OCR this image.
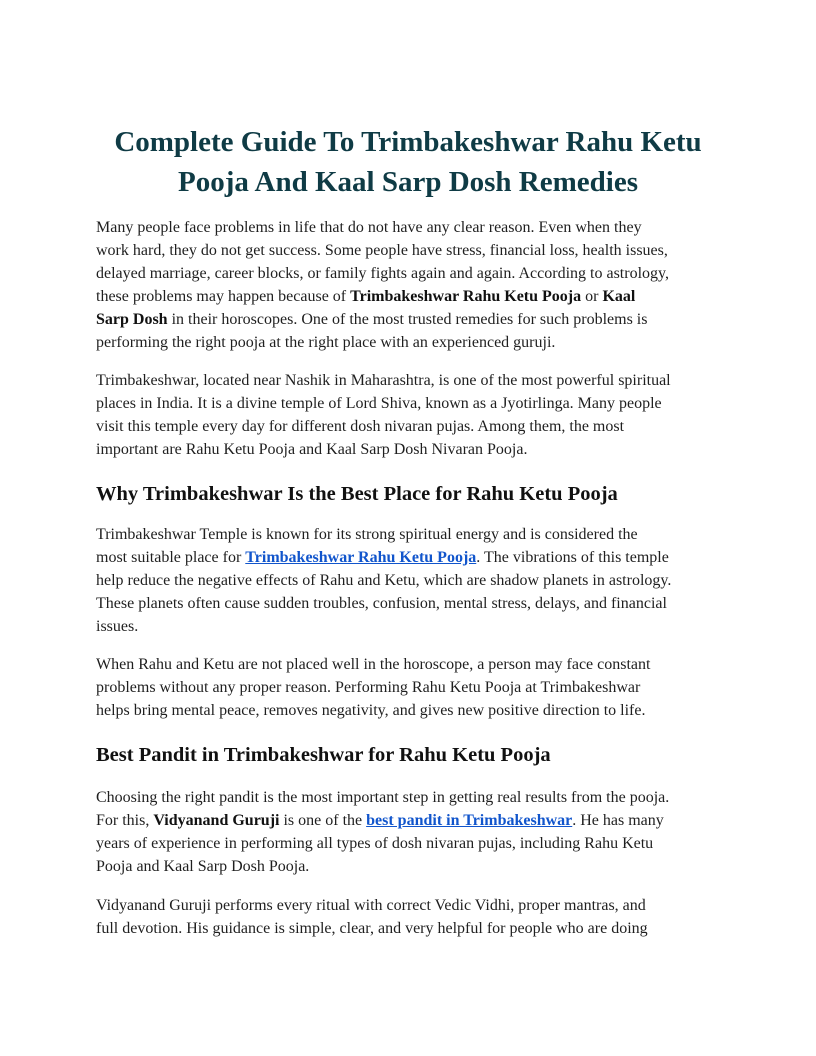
Complete Guide To Trimbakeshwar Rahu Ketu
Pooja And Kaal Sarp Dosh Remedies

Many people face problems in life that do not have any clear reason. Even when they
work hard, they do not get success. Some people have stress, financial loss, health issues,
delayed marriage, career blocks, or family fights again and again. According to astrology,
these problems may happen because of Trimbakeshwar Rahu Ketu Pooja or Kaal
Sarp Dosh in their horoscopes. One of the most trusted remedies for such problems is
performing the right pooja at the right place with an experienced guruji.

Trimbakeshwar, located near Nashik in Maharashtra, is one of the most powerful spiritual
places in India. It is a divine temple of Lord Shiva, known as a Jyotirlinga. Many people
visit this temple every day for different dosh nivaran pujas. Among them, the most
important are Rahu Ketu Pooja and Kaal Sarp Dosh Nivaran Pooja.

Why Trimbakeshwar Is the Best Place for Rahu Ketu Pooja

Trimbakeshwar Temple is known for its strong spiritual energy and is considered the
most suitable place for Trimbakeshwar Rahu Ketu Pooja. The vibrations of this temple
help reduce the negative effects of Rahu and Ketu, which are shadow planets in astrology.
These planets often cause sudden troubles, confusion, mental stress, delays, and financial
issues.

When Rahu and Ketu are not placed well in the horoscope, a person may face constant
problems without any proper reason. Performing Rahu Ketu Pooja at Trimbakeshwar
helps bring mental peace, removes negativity, and gives new positive direction to life.

Best Pandit in Trimbakeshwar for Rahu Ketu Pooja

Choosing the right pandit is the most important step in getting real results from the pooja.
For this, Vidyanand Guruji is one of the best pandit in Trimbakeshwar. He has many
years of experience in performing all types of dosh nivaran pujas, including Rahu Ketu
Pooja and Kaal Sarp Dosh Pooja.

Vidyanand Guruji performs every ritual with correct Vedic Vidhi, proper mantras, and
full devotion. His guidance is simple, clear, and very helpful for people who are doing
